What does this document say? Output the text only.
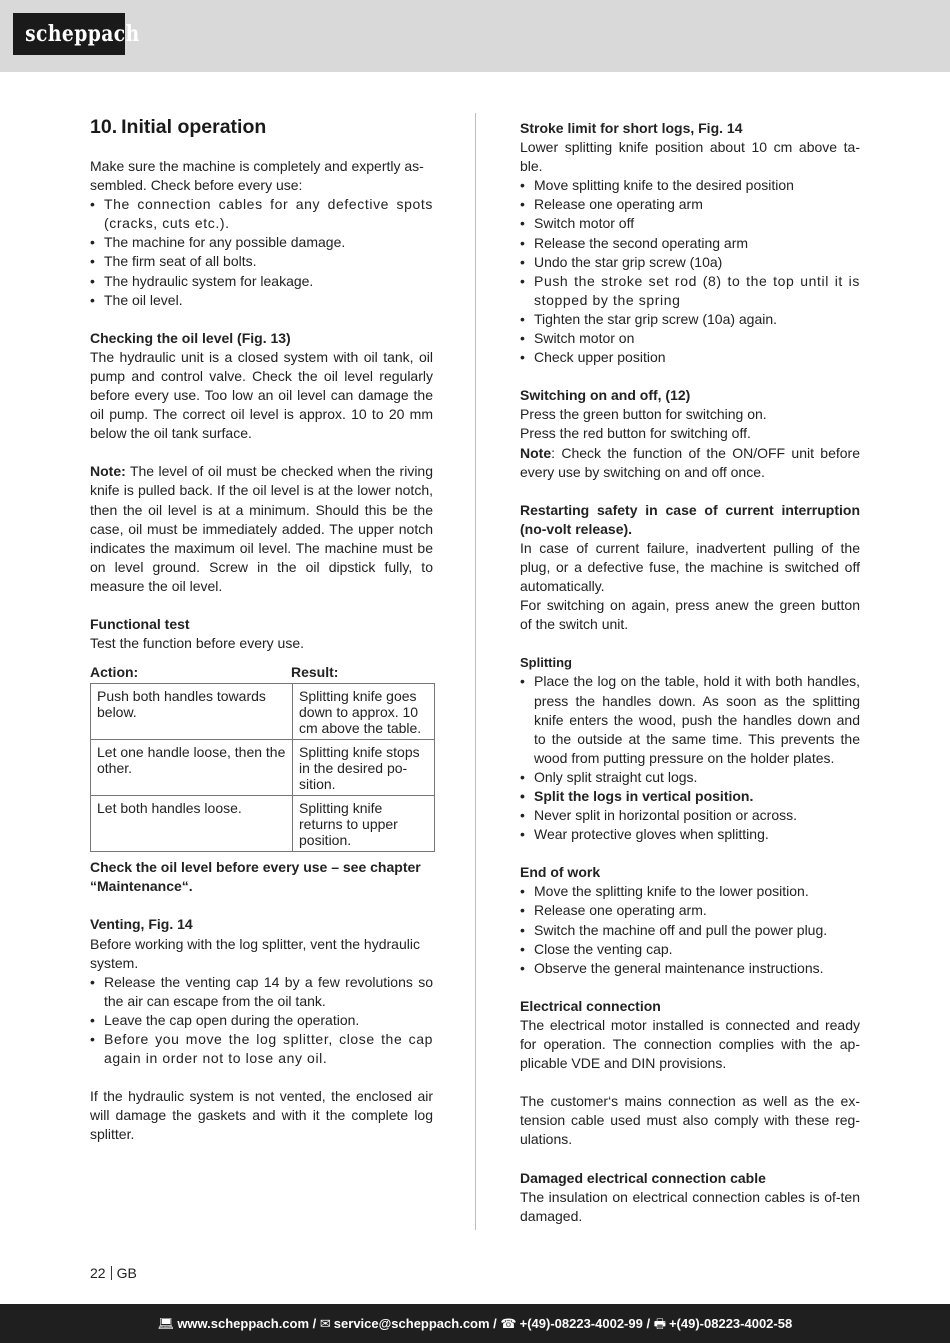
scheppach
10. Initial operation

Make sure the machine is completely and expertly as-

sembled. Check before every use:

• The connection cables for any defective spots (cracks, cuts etc.).
• The machine for any possible damage.
• The firm seat of all bolts.
• The hydraulic system for leakage.
• The oil level.

Checking the oil level (Fig. 13)

The hydraulic unit is a closed system with oil tank, oil pump and control valve. Check the oil level regularly before every use. Too low an oil level can damage the oil pump. The correct oil level is approx. 10 to 20 mm below the oil tank surface.

Note: The level of oil must be checked when the riving knife is pulled back. If the oil level is at the lower notch, then the oil level is at a minimum. Should this be the case, oil must be immediately added. The upper notch indicates the maximum oil level. The machine must be on level ground. Screw in the oil dipstick fully, to measure the oil level.

Functional test

Test the function before every use.

Action:	Result:
Push both handles towards below.	Splitting knife goes down to approx. 10 cm above the table.
Let one handle loose, then the other.	Splitting knife stops in the desired po-sition.
Let both handles loose.	Splitting knife returns to upper position.

Check the oil level before every use – see chapter “Maintenance“.

Venting, Fig. 14

Before working with the log splitter, vent the hydraulic system.

• Release the venting cap 14 by a few revolutions so the air can escape from the oil tank.
• Leave the cap open during the operation.
• Before you move the log splitter, close the cap again in order not to lose any oil.

If the hydraulic system is not vented, the enclosed air will damage the gaskets and with it the complete log splitter.

Stroke limit for short logs, Fig. 14

Lower splitting knife position about 10 cm above ta-ble.

• Move splitting knife to the desired position
• Release one operating arm
• Switch motor off
• Release the second operating arm
• Undo the star grip screw (10a)
• Push the stroke set rod (8) to the top until it is stopped by the spring
• Tighten the star grip screw (10a) again.
• Switch motor on
• Check upper position

Switching on and off, (12)

Press the green button for switching on.

Press the red button for switching off.

Note: Check the function of the ON/OFF unit before every use by switching on and off once.

Restarting safety in case of current interruption (no-volt release).

In case of current failure, inadvertent pulling of the plug, or a defective fuse, the machine is switched off automatically.

For switching on again, press anew the green button of the switch unit.

Splitting

• Place the log on the table, hold it with both handles, press the handles down. As soon as the splitting knife enters the wood, push the handles down and to the outside at the same time. This prevents the wood from putting pressure on the holder plates.
• Only split straight cut logs.
• Split the logs in vertical position.
• Never split in horizontal position or across.
• Wear protective gloves when splitting.

End of work

• Move the splitting knife to the lower position.
• Release one operating arm.
• Switch the machine off and pull the power plug.
• Close the venting cap.
• Observe the general maintenance instructions.

Electrical connection

The electrical motor installed is connected and ready for operation. The connection complies with the ap-plicable VDE and DIN provisions.

The customer‘s mains connection as well as the ex-tension cable used must also comply with these reg-ulations.

Damaged electrical connection cable

The insulation on electrical connection cables is of-ten damaged.

22 GB
💻︎ www.scheppach.com / ✉︎ service@scheppach.com / ☎︎ +(49)-08223-4002-99 / 🖶︎ +(49)-08223-4002-58
